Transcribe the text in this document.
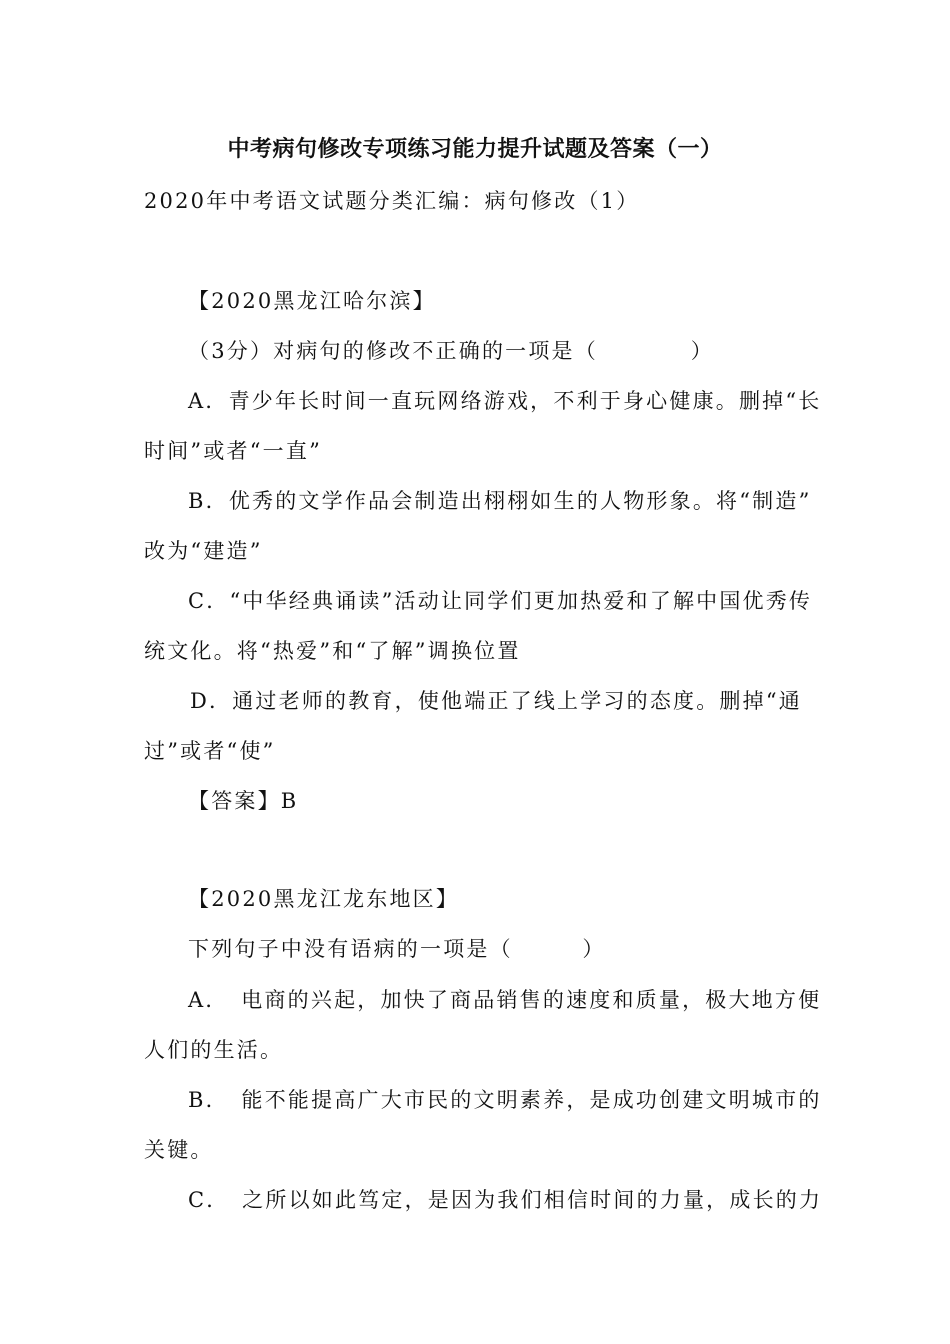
中考病句修改专项练习能力提升试题及答案（一）
2020年中考语文试题分类汇编：病句修改（1）
【2020黑龙江哈尔滨】
（3分）对病句的修改不正确的一项是（　　　　）
A．青少年长时间一直玩网络游戏，不利于身心健康。删掉“长
时间”或者“一直”
B．优秀的文学作品会制造出栩栩如生的人物形象。将“制造”
改为“建造”
C．“中华经典诵读”活动让同学们更加热爱和了解中国优秀传
统文化。将“热爱”和“了解”调换位置
D．通过老师的教育，使他端正了线上学习的态度。删掉“通
过”或者“使”
【答案】B
【2020黑龙江龙东地区】
下列句子中没有语病的一项是（　　　）
A．　电商的兴起，加快了商品销售的速度和质量，极大地方便
人们的生活。
B．　能不能提高广大市民的文明素养，是成功创建文明城市的
关键。
C．　之所以如此笃定，是因为我们相信时间的力量，成长的力
